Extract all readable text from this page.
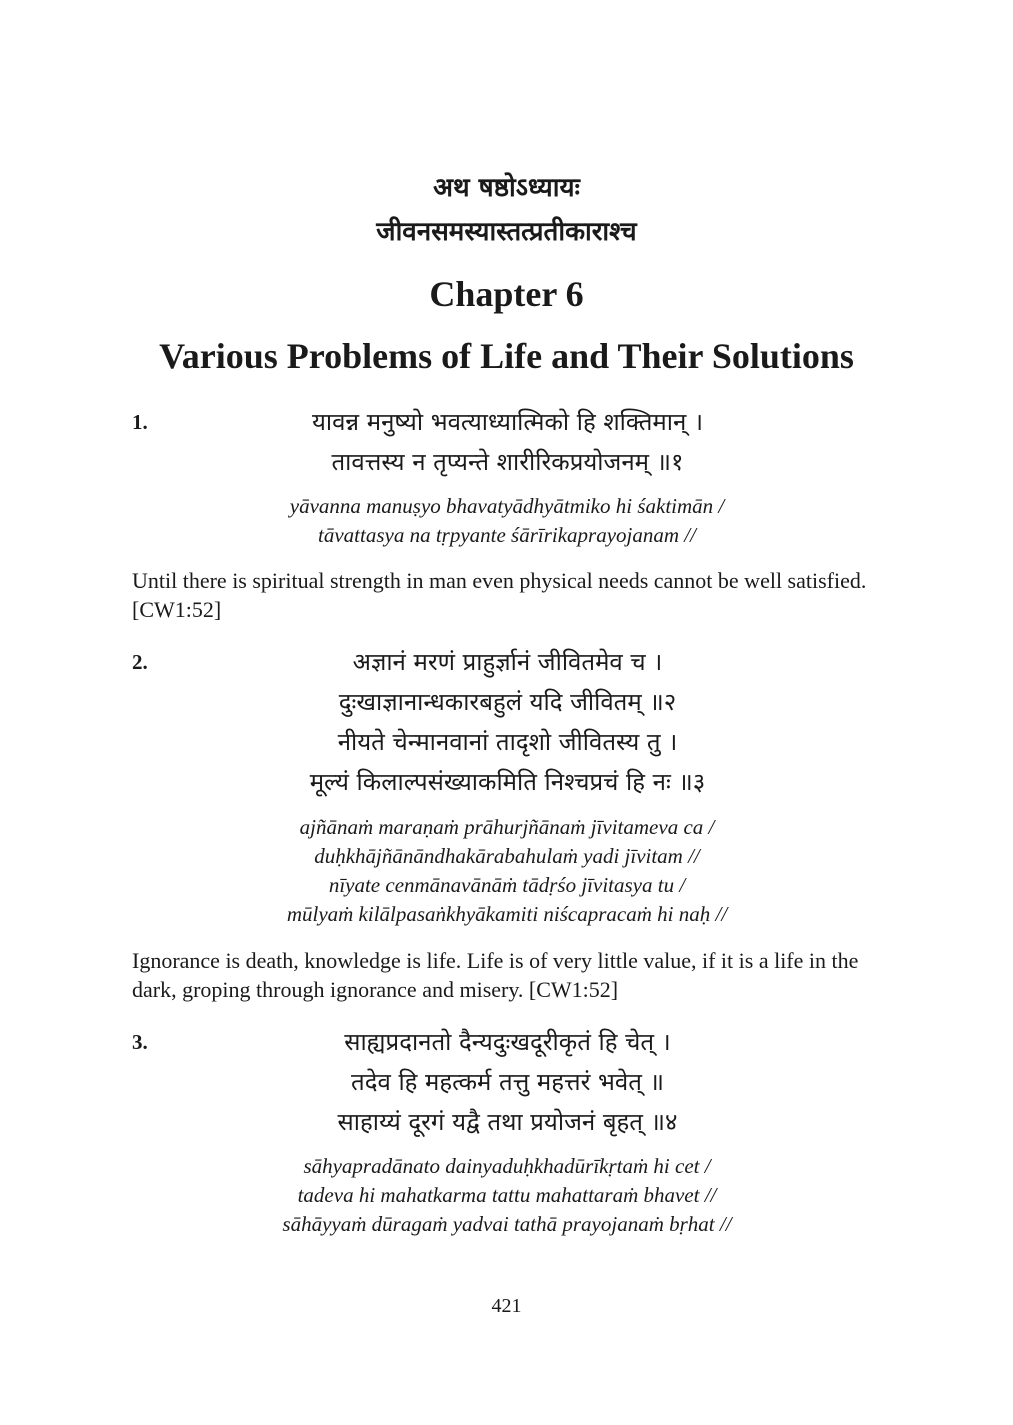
अथ षष्ठोऽध्यायः
जीवनसमस्यास्तत्प्रतीकाराश्च
Chapter 6
Various Problems of Life and Their Solutions
1.	यावन्न मनुष्यो भवत्याध्यात्मिको हि शक्तिमान् ।
तावत्तस्य न तृप्यन्ते शारीरिकप्रयोजनम् ॥१
yāvanna manuṣyo bhavatyādhyātmiko hi śaktimān /
tāvattasya na tṛpyante śārīrikaprayojanam //
Until there is spiritual strength in man even physical needs cannot be well satisfied. [CW1:52]
2.	अज्ञानं मरणं प्राहुर्ज्ञानं जीवितमेव च ।
दुःखाज्ञानान्धकारबहुलं यदि जीवितम् ॥२
नीयते चेन्मानवानां तादृशो जीवितस्य तु ।
मूल्यं किलाल्पसंख्याकमिति निश्चप्रचं हि नः ॥३
ajñānaṁ maraṇaṁ prāhurjñānaṁ jīvitameva ca /
duḥkhājñānāndhakārabahulaṁ yadi jīvitam //
nīyate cenmānavānāṁ tādṛśo jīvitasya tu /
mūlyaṁ kilālpasaṅkhyākamiti niścapracaṁ hi naḥ //
Ignorance is death, knowledge is life. Life is of very little value, if it is a life in the dark, groping through ignorance and misery. [CW1:52]
3.	साह्यप्रदानतो दैन्यदुःखदूरीकृतं हि चेत् ।
तदेव हि महत्कर्म तत्तु महत्तरं भवेत् ॥
साहाय्यं दूरगं यद्वै तथा प्रयोजनं बृहत् ॥४
sāhyapradānato dainyaduḥkhadūrīkṛtaṁ hi cet /
tadeva hi mahatkarma tattu mahattaraṁ bhavet //
sāhāyyaṁ dūragaṁ yadvai tathā prayojanaṁ bṛhat //
421
